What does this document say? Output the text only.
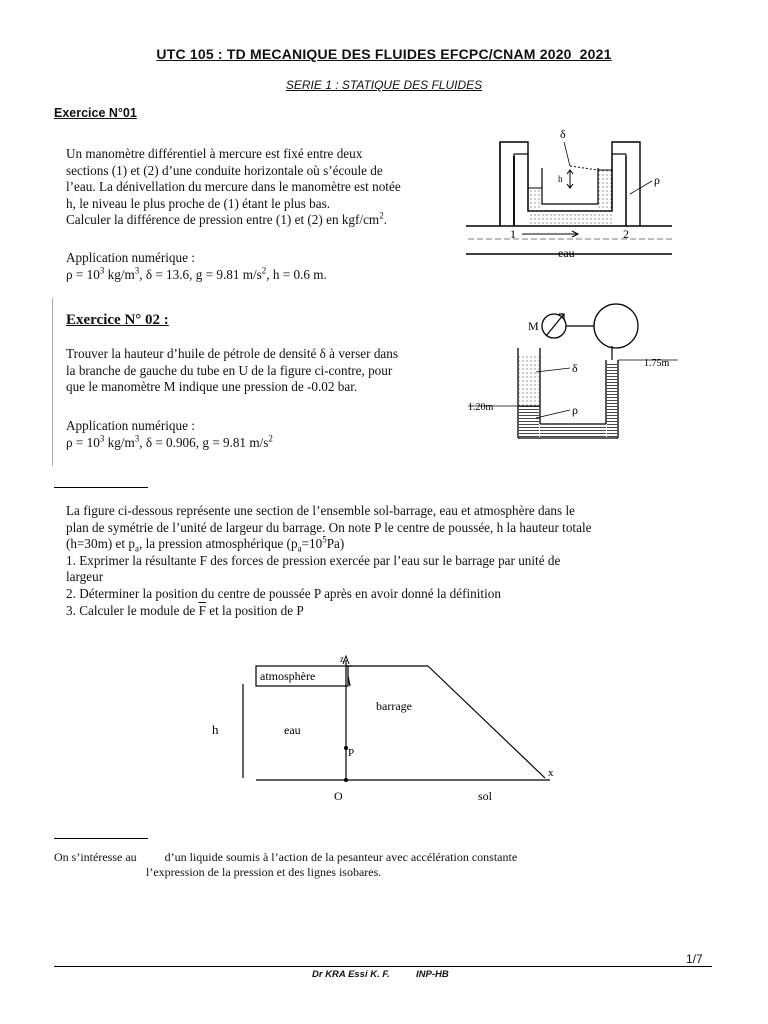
UTC 105 : TD MECANIQUE DES FLUIDES EFCPC/CNAM 2020_2021
SERIE 1 : STATIQUE DES FLUIDES
Exercice N°01
Un manomètre différentiel à mercure est fixé entre deux
sections (1) et (2) d’une conduite horizontale où s’écoule de
l’eau. La dénivellation du mercure dans le manomètre est notée
h, le niveau le plus proche de (1) étant le plus bas.
Calculer la différence de pression entre (1) et (2) en kgf/$cm^2$.
Application numérique :
$\rho = 10^3$ $kg/m^3$, δ = 13.6, g = 9.81 $m/s^2$, h = 0.6 m.
h
δ
ρ
1	2
eau
Exercice N° 02 :
Trouver la hauteur d’huile de pétrole de densité δ à verser dans
la branche de gauche du tube en U de la figure ci-contre, pour
que le manomètre M indique une pression de -0.02 bar.
Application numérique :
$\rho = 10^3$ $kg/m^3$, δ = 0.906, g = 9.81 $m/s^2$
M
δ
ρ
1.75m
1.20m
La figure ci-dessous représente une section de l’ensemble sol-barrage, eau et atmosphère dans le
plan de symétrie de l’unité de largeur du barrage. On note P le centre de poussée, h la hauteur totale
(h=30m) et $p_a$, la pression atmosphérique $(p_a=10^5Pa)$
1. Exprimer la résultante F des forces de pression exercée par l’eau sur le barrage par unité de
largeur
2. Déterminer la position du centre de poussée P après en avoir donné la définition
3. Calculer le module de $\overline{F}$ et la position de P
z
atmosphère
barrage
h	eau
P
x
O	sol
On s’intéresse au d’un liquide soumis à l’action de la pesanteur avec accélération constante
l’expression de la pression et des lignes isobares.
1/7
Dr KRA Essi K. F.	INP-HB
